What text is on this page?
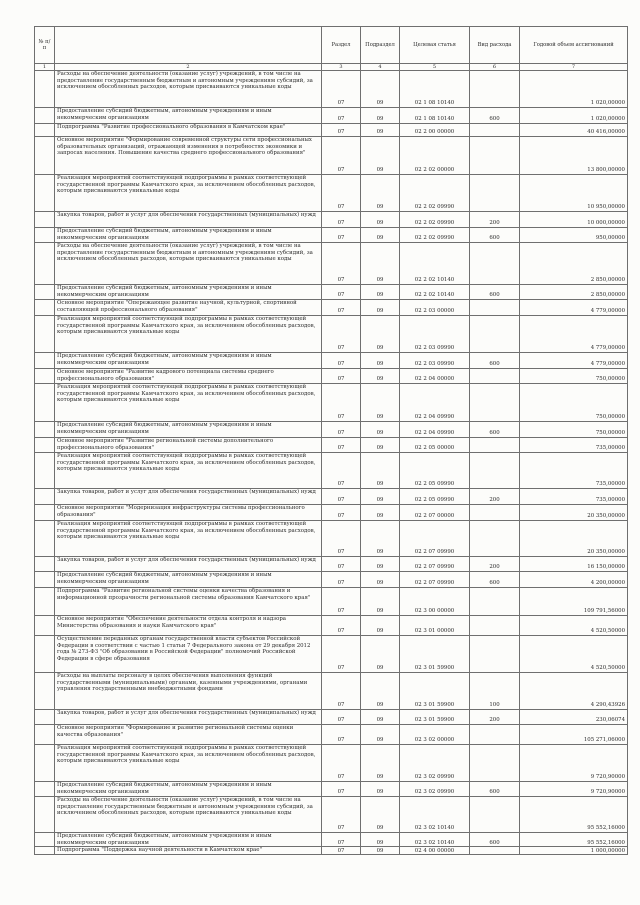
№ п/п		Раздел	Подраздел	Целевая статья	Вид расхода	Годовой объем ассигнований
1	2	3	4	5	6	7
	Расходы на обеспечение деятельности (оказание услуг) учреждений, в том числе на предоставление государственным бюджетным и автономным учреждениям субсидий, за исключением обособленных расходов, которым присваиваются уникальные коды	07	09	02 1 08 10140		1 020,00000
	Предоставление субсидий бюджетным, автономным учреждениям и иным некоммерческим организациям	07	09	02 1 08 10140	600	1 020,00000
	Подпрограмма "Развитие профессионального образования в Камчатском крае"	07	09	02 2 00 00000		40 416,00000
	Основное мероприятие "Формирование современной структуры сети профессиональных образовательных организаций, отражающей изменения в потребностях экономики и запросах населения. Повышение качества среднего профессионального образования"	07	09	02 2 02 00000		13 800,00000
	Реализация мероприятий соответствующей подпрограммы в рамках соответствующей государственной программы Камчатского края, за исключением обособленных расходов, которым присваиваются уникальные коды	07	09	02 2 02 09990		10 950,00000
	Закупка товаров, работ и услуг для обеспечения государственных (муниципальных) нужд	07	09	02 2 02 09990	200	10 000,00000
	Предоставление субсидий бюджетным, автономным учреждениям и иным некоммерческим организациям	07	09	02 2 02 09990	600	950,00000
	Расходы на обеспечение деятельности (оказание услуг) учреждений, в том числе на предоставление государственным бюджетным и автономным учреждениям субсидий, за исключением обособленных расходов, которым присваиваются уникальные коды	07	09	02 2 02 10140		2 850,00000
	Предоставление субсидий бюджетным, автономным учреждениям и иным некоммерческим организациям	07	09	02 2 02 10140	600	2 850,00000
	Основное мероприятие "Опережающее развитие научной, культурной, спортивной составляющей профессионального образования"	07	09	02 2 03 00000		4 779,00000
	Реализация мероприятий соответствующей подпрограммы в рамках соответствующей государственной программы Камчатского края, за исключением обособленных расходов, которым присваиваются уникальные коды	07	09	02 2 03 09990		4 779,00000
	Предоставление субсидий бюджетным, автономным учреждениям и иным некоммерческим организациям	07	09	02 2 03 09990	600	4 779,00000
	Основное мероприятие "Развитие кадрового потенциала системы среднего профессионального образования"	07	09	02 2 04 00000		750,00000
	Реализация мероприятий соответствующей подпрограммы в рамках соответствующей государственной программы Камчатского края, за исключением обособленных расходов, которым присваиваются уникальные коды	07	09	02 2 04 09990		750,00000
	Предоставление субсидий бюджетным, автономным учреждениям и иным некоммерческим организациям	07	09	02 2 04 09990	600	750,00000
	Основное мероприятие "Развитие региональной системы дополнительного профессионального образования"	07	09	02 2 05 00000		735,00000
	Реализация мероприятий соответствующей подпрограммы в рамках соответствующей государственной программы Камчатского края, за исключением обособленных расходов, которым присваиваются уникальные коды	07	09	02 2 05 09990		735,00000
	Закупка товаров, работ и услуг для обеспечения государственных (муниципальных) нужд	07	09	02 2 05 09990	200	735,00000
	Основное мероприятие "Модернизация инфраструктуры системы профессионального образования"	07	09	02 2 07 00000		20 350,00000
	Реализация мероприятий соответствующей подпрограммы в рамках соответствующей государственной программы Камчатского края, за исключением обособленных расходов, которым присваиваются уникальные коды	07	09	02 2 07 09990		20 350,00000
	Закупка товаров, работ и услуг для обеспечения государственных (муниципальных) нужд	07	09	02 2 07 09990	200	16 150,00000
	Предоставление субсидий бюджетным, автономным учреждениям и иным некоммерческим организациям	07	09	02 2 07 09990	600	4 200,00000
	Подпрограмма "Развитие региональной системы оценки качества образования и информационной прозрачности региональной системы образования Камчатского края"	07	09	02 3 00 00000		109 791,56000
	Основное мероприятие "Обеспечение деятельности отдела контроля и надзора Министерства образования и науки Камчатского края"	07	09	02 3 01 00000		4 520,50000
	Осуществление переданных органам государственной власти субъектов Российской Федерации в соответствии с частью 1 статьи 7 Федерального закона от 29 декабря 2012 года № 273-ФЗ "Об образовании в Российской Федерации" полномочий Российской Федерации в сфере образования	07	09	02 3 01 59900		4 520,50000
	Расходы на выплаты персоналу в целях обеспечения выполнения функций государственными (муниципальными) органами, казенными учреждениями, органами управления государственными внебюджетными фондами	07	09	02 3 01 59900	100	4 290,43926
	Закупка товаров, работ и услуг для обеспечения государственных (муниципальных) нужд	07	09	02 3 01 59900	200	230,06074
	Основное мероприятие "Формирование и развитие региональной системы оценки качества образования"	07	09	02 3 02 00000		105 271,06000
	Реализация мероприятий соответствующей подпрограммы в рамках соответствующей государственной программы Камчатского края, за исключением обособленных расходов, которым присваиваются уникальные коды	07	09	02 3 02 09990		9 720,90000
	Предоставление субсидий бюджетным, автономным учреждениям и иным некоммерческим организациям	07	09	02 3 02 09990	600	9 720,90000
	Расходы на обеспечение деятельности (оказание услуг) учреждений, в том числе на предоставление государственным бюджетным и автономным учреждениям субсидий, за исключением обособленных расходов, которым присваиваются уникальные коды	07	09	02 3 02 10140		95 552,16000
	Предоставление субсидий бюджетным, автономным учреждениям и иным некоммерческим организациям	07	09	02 3 02 10140	600	95 552,16000
	Подпрограмма "Поддержка научной деятельности в Камчатском крае"	07	09	02 4 00 00000		1 000,00000
